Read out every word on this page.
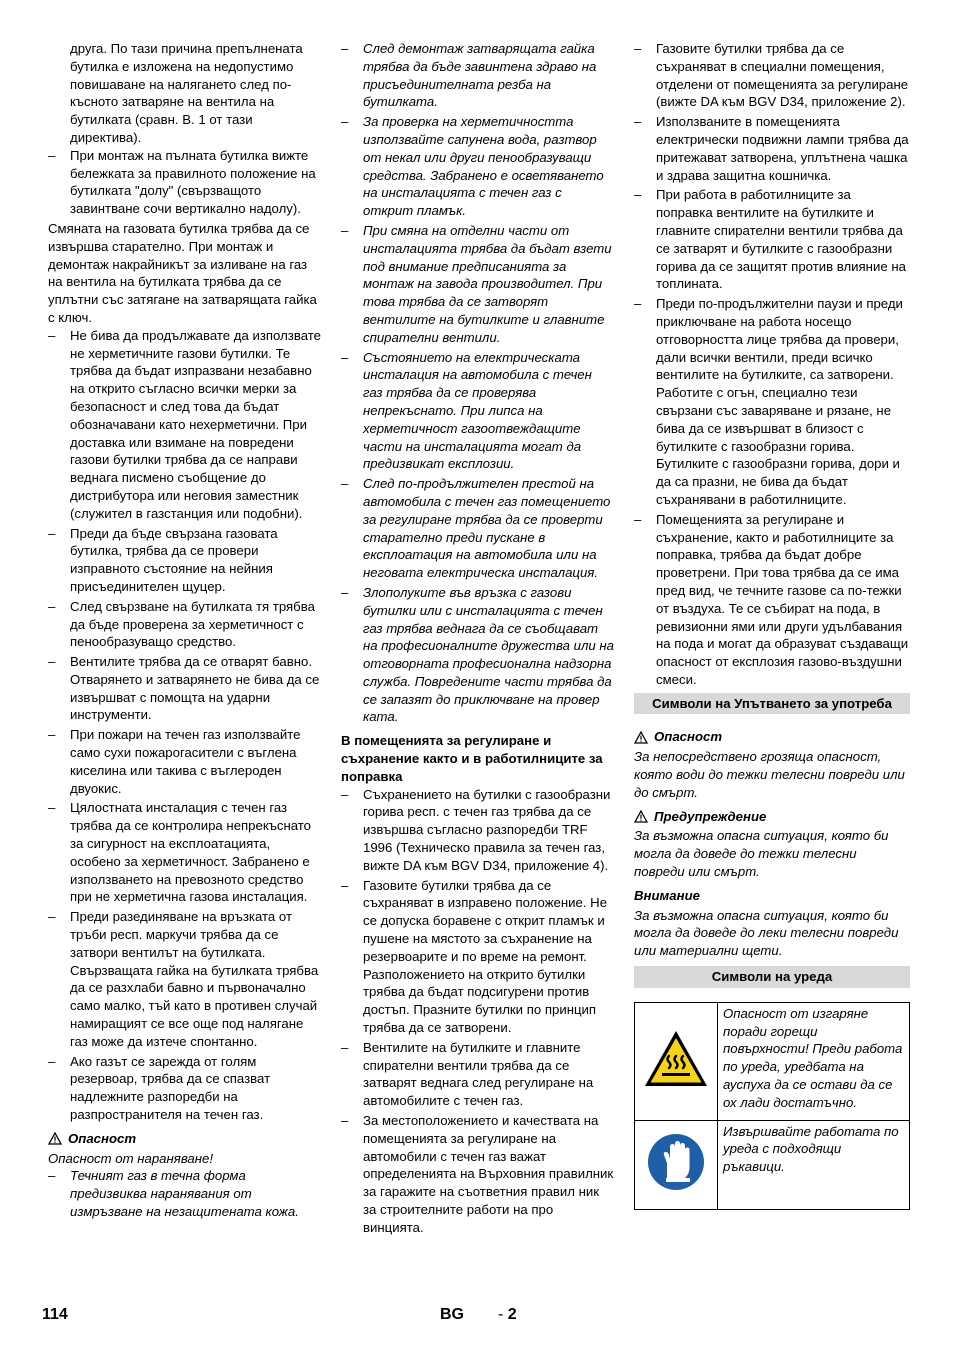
друга. По тази причина препълнената бутилка е изложена на недопустимо повишаване на налягането след по-късното затваряне на вентила на бутилката (сравн. В. 1 от тази директива).

– При монтаж на пълната бутилка вижте бележката за правилното положение на бутилката "долу" (свързващото завинтване сочи вертикално надолу).

Смяната на газовата бутилка трябва да се извършва старателно. При монтаж и демонтаж накрайникът за изливане на газ на вентила на бутилката трябва да се уплътни със затягане на затварящата гайка с ключ.

– Не бива да продължавате да използвате не херметичните газови бутилки. Те трябва да бъдат изпразвани незабавно на открито съгласно всички мерки за безопасност и след това да бъдат обозначавани като нехерметични. При доставка или взимане на повредени газови бутилки трябва да се направи веднага писмено съобщение до дистрибутора или неговия заместник (служител в газстанция или подобни).
– Преди да бъде свързана газовата бутилка, трябва да се провери изправното състояние на нейния присъединителен щуцер.
– След свързване на бутилката тя трябва да бъде проверена за херметичност с пенообразуващо средство.
– Вентилите трябва да се отварят бавно. Отварянето и затварянето не бива да се извършват с помощта на ударни инструменти.
– При пожари на течен газ използвайте само сухи пожарогасители с въглена киселина или такива с въглероден двуокис.
– Цялостната инсталация с течен газ трябва да се контролира непрекъснато за сигурност на експлоатацията, особено за херметичност. Забранено е използването на превозното средство при не херметична газова инсталация.
– Преди разединяване на връзката от тръби респ. маркучи трябва да се затвори вентилът на бутилката. Свързващата гайка на бутилката трябва да се разхлаби бавно и първоначално само малко, тъй като в противен случай намиращият се все още под налягане газ може да изтече спонтанно.
– Ако газът се зарежда от голям резервоар, трябва да се спазват надлежните разпоредби на разпространителя на течен газ.
Опасност

Опасност от нараняване!

– Течният газ в течна форма предизвиква наранявания от измръзване на незащитената кожа.
– След демонтаж затварящата гайка трябва да бъде завинтена здраво на присъединителната резба на бутилката.
– За проверка на херметичността използвайте сапунена вода, разтвор от некал или други пенообразуващи средства. Забранено е осветяването на инсталацията с течен газ с открит пламък.
– При смяна на отделни части от инсталацията трябва да бъдат взети под внимание предписанията за монтаж на завода производител. При това трябва да се затворят вентилите на бутилките и главните спирателни вентили.
– Състоянието на електрическата инсталация на автомобила с течен газ трябва да се проверява непрекъснато. При липса на херметичност газоотвеждащите части на инсталацията могат да предизвикат експлозии.
– След по-продължителен престой на автомобила с течен газ помещението за регулиране трябва да се проверти старателно преди пускане в експлоатация на автомобила или на неговата електрическа инсталация.
– Злополуките във връзка с газови бутилки или с инсталацията с течен газ трябва веднага да се съобщават на професионалните дружества или на отговорната професионална надзорна служба. Повредените части трябва да се запазят до приключване на провер ката.

В помещенията за регулиране и съхранение както и в работилниците за поправка

– Съхранението на бутилки с газообразни горива респ. с течен газ трябва да се извършва съгласно разпоредби TRF 1996 (Техническо правила за течен газ, вижте DA към BGV D34, приложение 4).
– Газовите бутилки трябва да се съхраняват в изправено положение. Не се допуска боравене с открит пламък и пушене на мястото за съхранение на резервоарите и по време на ремонт. Разположението на открито бутилки трябва да бъдат подсигурени против достъп. Празните бутилки по принцип трябва да се затворени.
– Вентилите на бутилките и главните спирателни вентили трябва да се затварят веднага след регулиране на автомобилите с течен газ.
– За местоположението и качествата на помещенията за регулиране на автомобили с течен газ важат определенията на Върховния правилник за гаражите на съответния правил ник за строителните работи на про винцията.
– Газовите бутилки трябва да се съхраняват в специални помещения, отделени от помещенията за регулиране (вижте DA към BGV D34, приложение 2).
– Използваните в помещенията електрически подвижни лампи трябва да притежават затворена, уплътнена чашка и здрава защитна кошничка.
– При работа в работилниците за поправка вентилите на бутилките и главните спирателни вентили трябва да се затварят и бутилките с газообразни горива да се защитят против влияние на топлината.
– Преди по-продължителни паузи и преди приключване на работа носещо отговорността лице трябва да провери, дали всички вентили, преди всичко вентилите на бутилките, са затворени. Работите с огън, специално тези свързани със заваряване и рязане, не бива да се извършват в близост с бутилките с газообразни горива. Бутилките с газообразни горива, дори и да са празни, не бива да бъдат съхранявани в работилниците.
– Помещенията за регулиране и съхранение, както и работилниците за поправка, трябва да бъдат добре проветрени. При това трябва да се има пред вид, че течните газове са по-тежки от въздуха. Те се събират на пода, в ревизионни ями или други удълбавания на пода и могат да образуват създаващи опасност от експлозия газово-въздушни смеси.
Символи на Упътването за употреба
Опасност

За непосредствено грозяща опасност, която води до тежки телесни повреди или до смърт.

Предупреждение

За възможна опасна ситуация, която би могла да доведе до тежки телесни повреди или смърт.

Внимание

За възможна опасна ситуация, която би могла да доведе до леки телесни повреди или материални щети.

Символи на уреда
	Опасност от изгаряне поради горещи повърхности! Преди работа по уреда, уредбата на ауспуха да се остави да се ох лади достатъчно.
	Извършвайте работата по уреда с подходящи ръкавици.
114	BG - 2
